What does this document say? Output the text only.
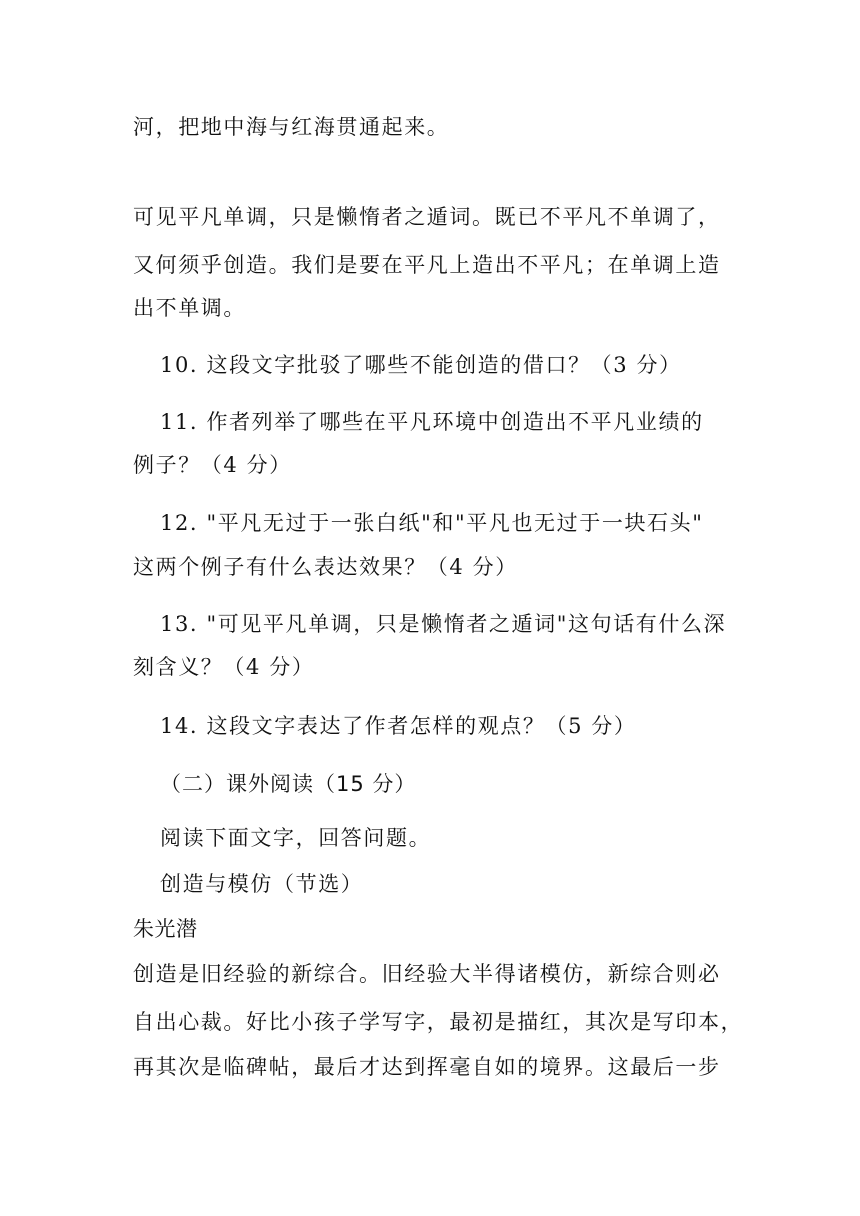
河，把地中海与红海贯通起来。
可见平凡单调，只是懒惰者之遁词。既已不平凡不单调了，
又何须乎创造。我们是要在平凡上造出不平凡；在单调上造
出不单调。
10. 这段文字批驳了哪些不能创造的借口？（3 分）
11. 作者列举了哪些在平凡环境中创造出不平凡业绩的
例子？（4 分）
12. "平凡无过于一张白纸"和"平凡也无过于一块石头"
这两个例子有什么表达效果？（4 分）
13. "可见平凡单调，只是懒惰者之遁词"这句话有什么深
刻含义？（4 分）
14. 这段文字表达了作者怎样的观点？（5 分）
（二）课外阅读（15 分）
阅读下面文字，回答问题。
创造与模仿（节选）
朱光潜
创造是旧经验的新综合。旧经验大半得诸模仿，新综合则必
自出心裁。好比小孩子学写字，最初是描红，其次是写印本，
再其次是临碑帖，最后才达到挥毫自如的境界。这最后一步
